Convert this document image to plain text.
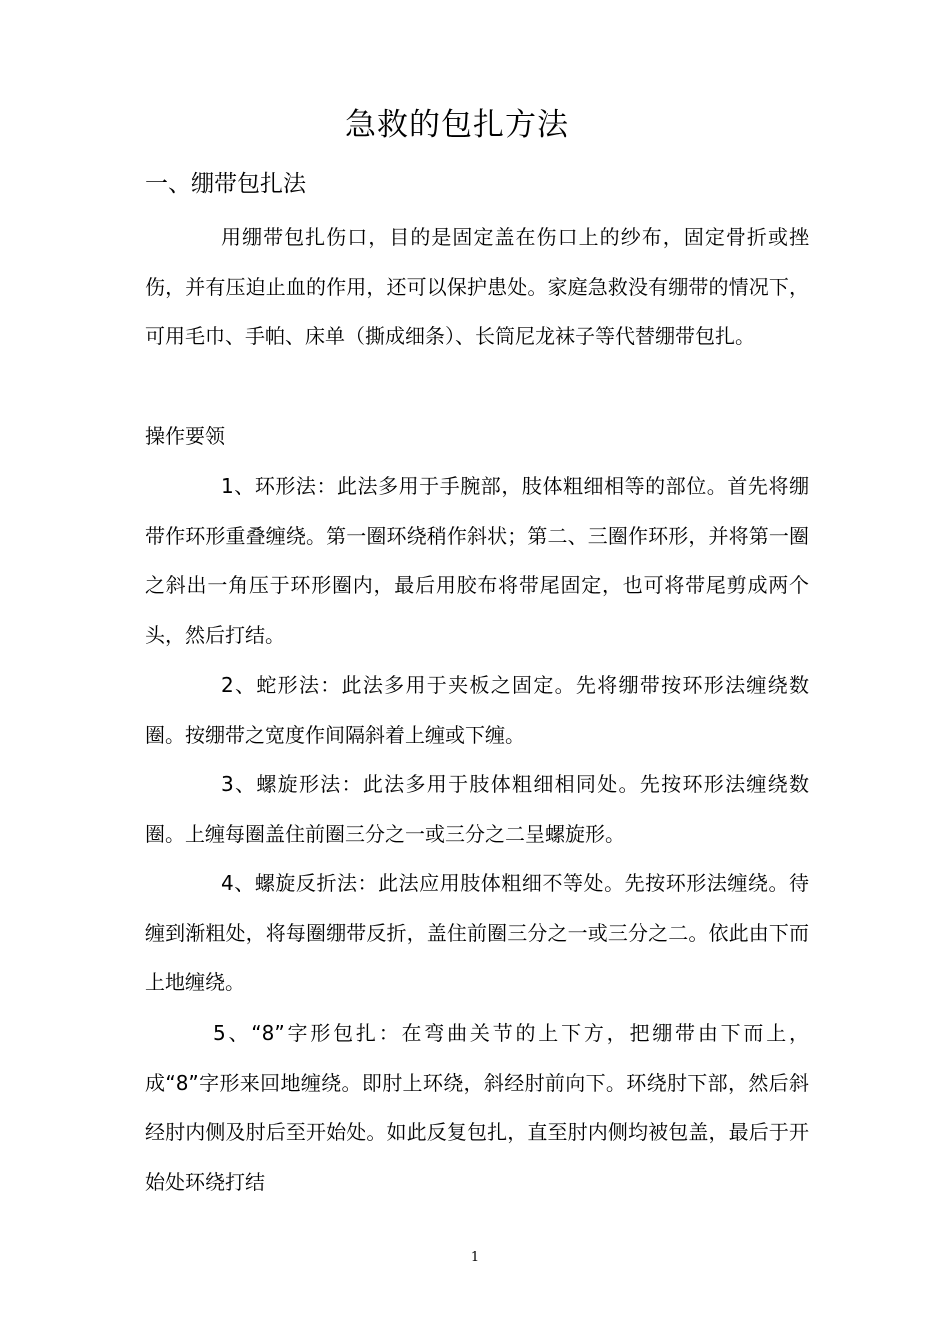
急救的包扎方法
一、绷带包扎法

用绷带包扎伤口，目的是固定盖在伤口上的纱布，固定骨折或挫伤，并有压迫止血的作用，还可以保护患处。家庭急救没有绷带的情况下，可用毛巾、手帕、床单（撕成细条）、长筒尼龙袜子等代替绷带包扎。

操作要领

1、环形法：此法多用于手腕部，肢体粗细相等的部位。首先将绷带作环形重叠缠绕。第一圈环绕稍作斜状；第二、三圈作环形，并将第一圈之斜出一角压于环形圈内，最后用胶布将带尾固定，也可将带尾剪成两个头，然后打结。

2、蛇形法：此法多用于夹板之固定。先将绷带按环形法缠绕数圈。按绷带之宽度作间隔斜着上缠或下缠。

3、螺旋形法：此法多用于肢体粗细相同处。先按环形法缠绕数圈。上缠每圈盖住前圈三分之一或三分之二呈螺旋形。

4、螺旋反折法：此法应用肢体粗细不等处。先按环形法缠绕。待缠到渐粗处，将每圈绷带反折，盖住前圈三分之一或三分之二。依此由下而上地缠绕。

5、“8”字形包扎：在弯曲关节的上下方，把绷带由下而上，成“8”字形来回地缠绕。即肘上环绕，斜经肘前向下。环绕肘下部，然后斜经肘内侧及肘后至开始处。如此反复包扎，直至肘内侧均被包盖，最后于开始处环绕打结

1
